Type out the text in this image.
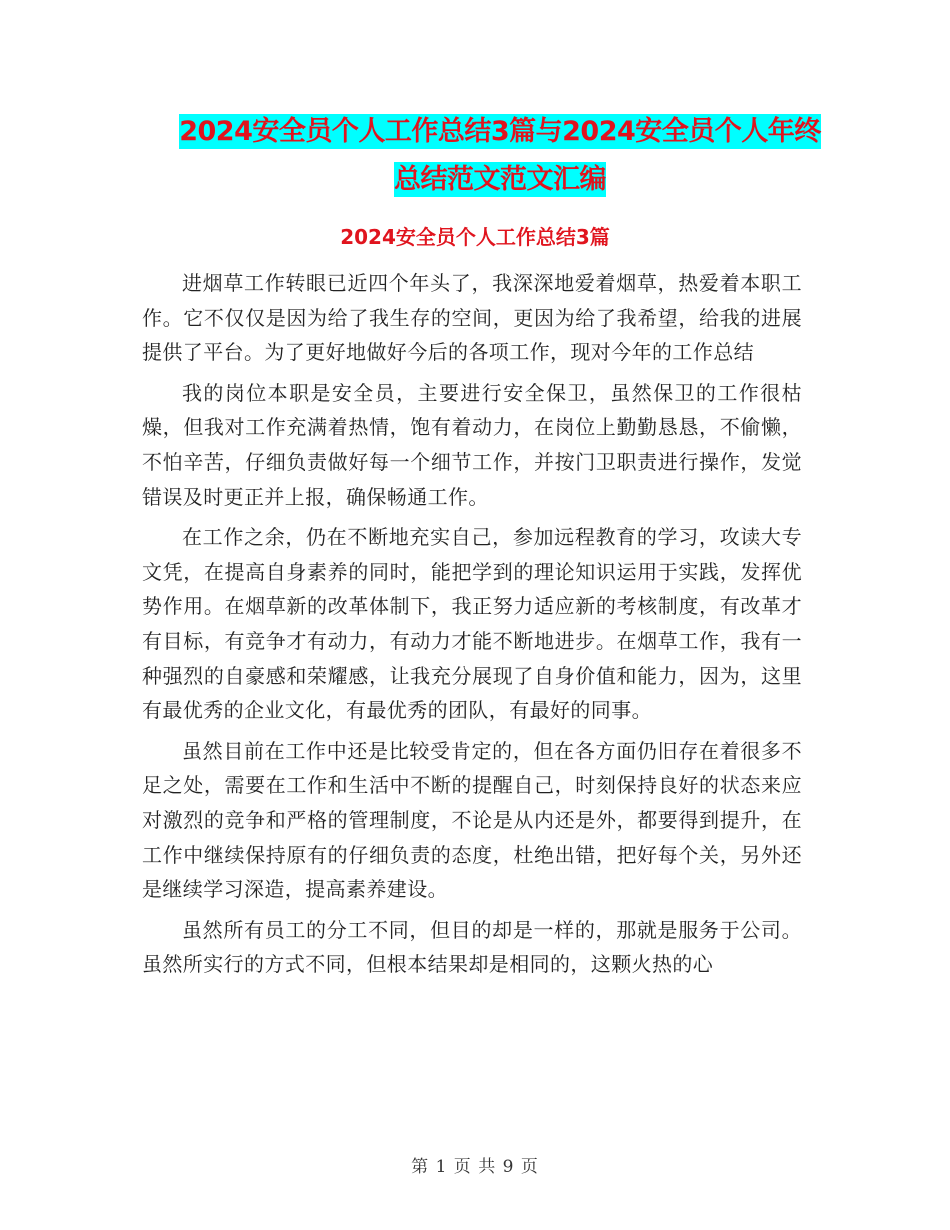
2024安全员个人工作总结3篇与2024安全员个人年终
总结范文范文汇编
2024安全员个人工作总结3篇

进烟草工作转眼已近四个年头了，我深深地爱着烟草，热爱着本职工作。它不仅仅是因为给了我生存的空间，更因为给了我希望，给我的进展提供了平台。为了更好地做好今后的各项工作，现对今年的工作总结

我的岗位本职是安全员，主要进行安全保卫，虽然保卫的工作很枯燥，但我对工作充满着热情，饱有着动力，在岗位上勤勤恳恳，不偷懒，不怕辛苦，仔细负责做好每一个细节工作，并按门卫职责进行操作，发觉错误及时更正并上报，确保畅通工作。

在工作之余，仍在不断地充实自己，参加远程教育的学习，攻读大专文凭，在提高自身素养的同时，能把学到的理论知识运用于实践，发挥优势作用。在烟草新的改革体制下，我正努力适应新的考核制度，有改革才有目标，有竞争才有动力，有动力才能不断地进步。在烟草工作，我有一种强烈的自豪感和荣耀感，让我充分展现了自身价值和能力，因为，这里有最优秀的企业文化，有最优秀的团队，有最好的同事。

虽然目前在工作中还是比较受肯定的，但在各方面仍旧存在着很多不足之处，需要在工作和生活中不断的提醒自己，时刻保持良好的状态来应对激烈的竞争和严格的管理制度，不论是从内还是外，都要得到提升，在工作中继续保持原有的仔细负责的态度，杜绝出错，把好每个关，另外还是继续学习深造，提高素养建设。

虽然所有员工的分工不同，但目的却是一样的，那就是服务于公司。虽然所实行的方式不同，但根本结果却是相同的，这颗火热的心

第 1 页 共 9 页
